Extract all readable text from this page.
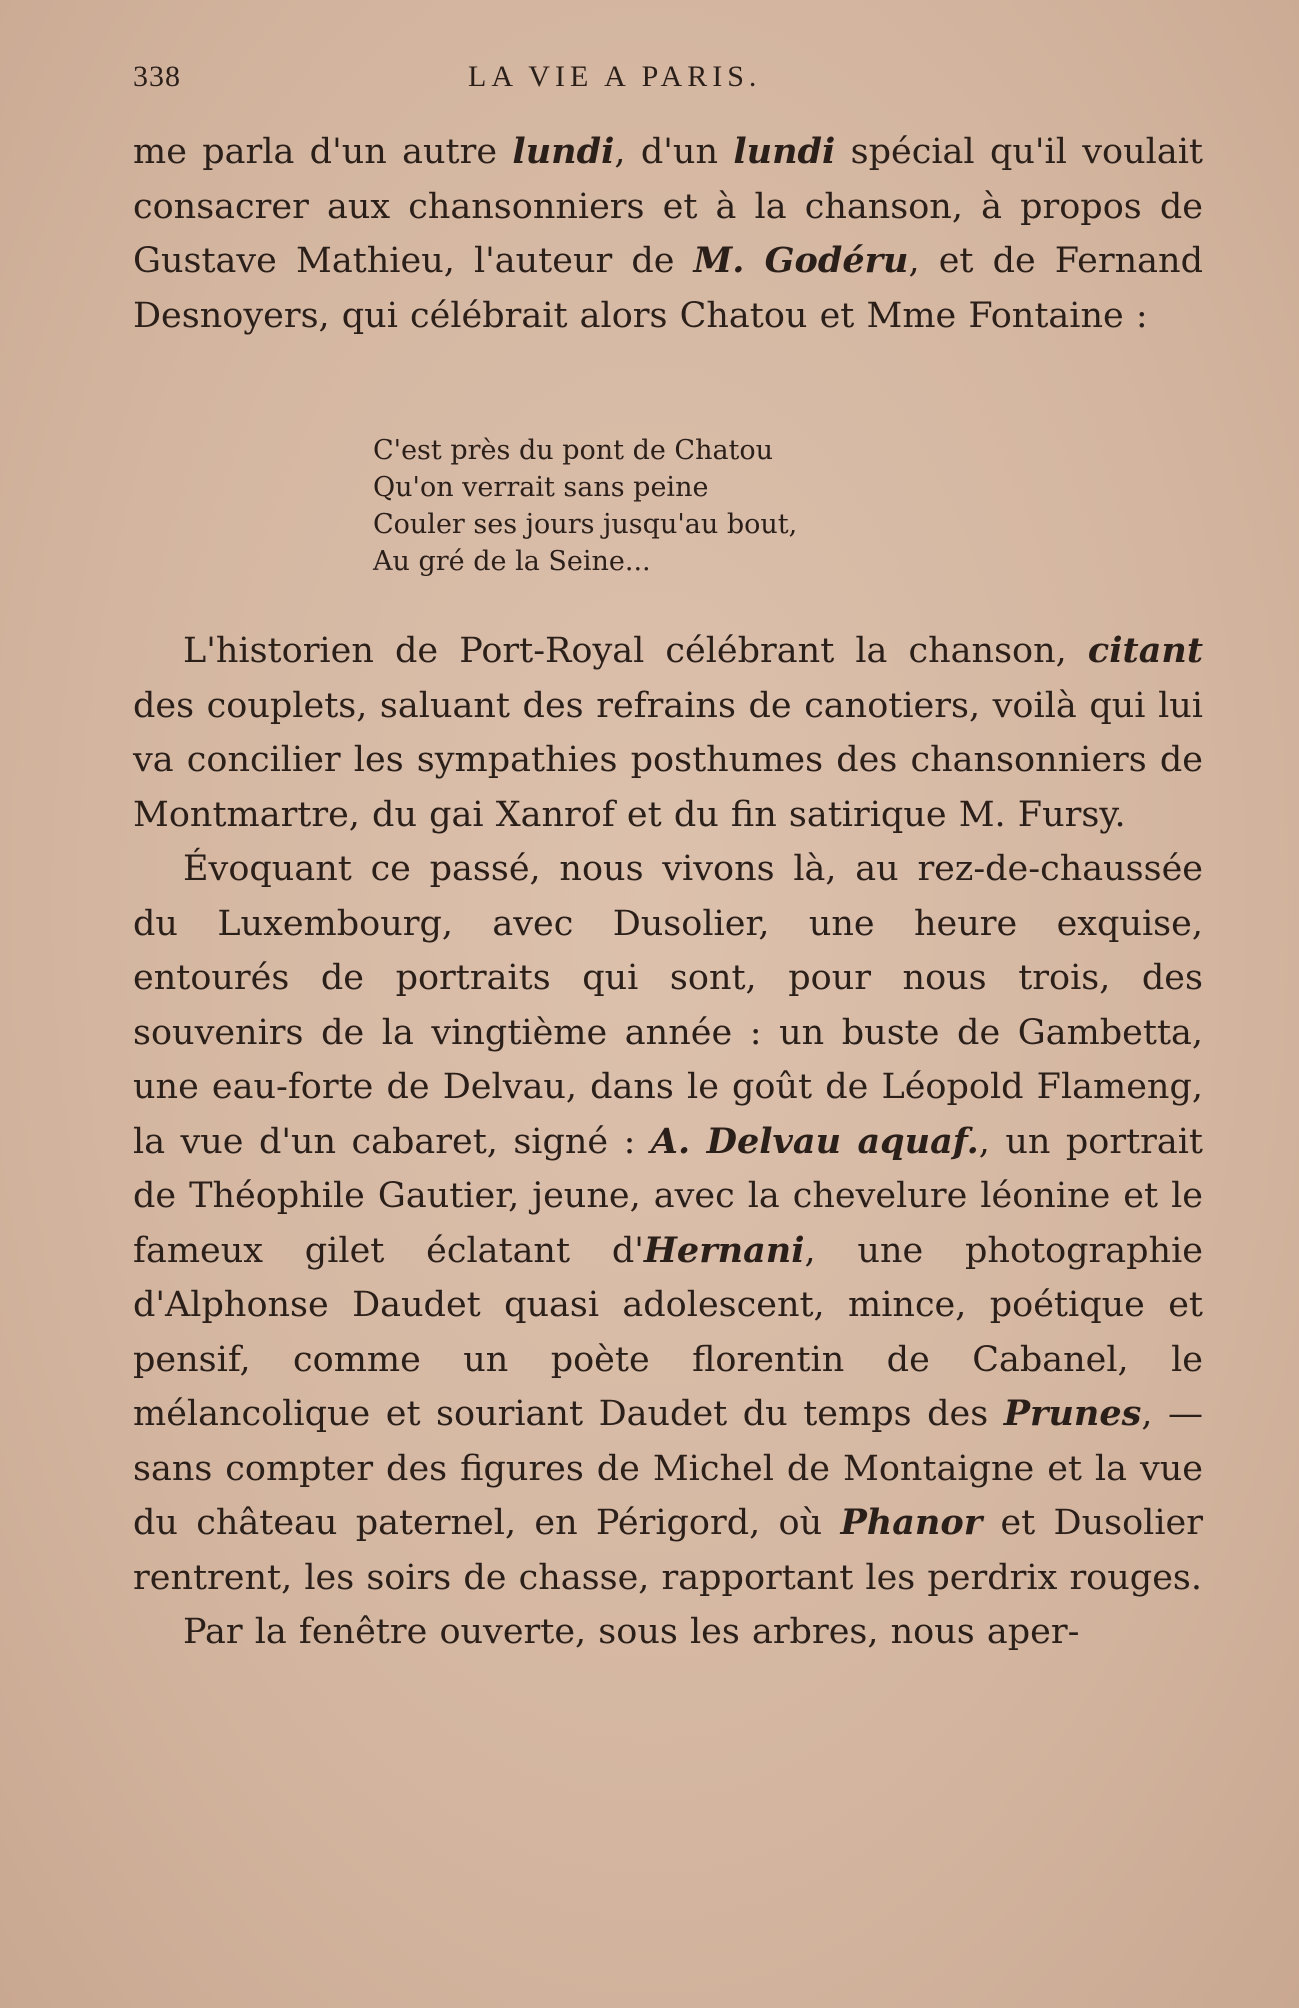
338	LA VIE A PARIS.

me parla d'un autre lundi, d'un lundi spécial qu'il voulait consacrer aux chansonniers et à la chanson, à propos de Gustave Mathieu, l'auteur de M. Godéru, et de Fernand Desnoyers, qui célébrait alors Chatou et Mme Fontaine :

C'est près du pont de Chatou
Qu'on verrait sans peine
Couler ses jours jusqu'au bout,
Au gré de la Seine...

L'historien de Port-Royal célébrant la chanson, citant des couplets, saluant des refrains de canotiers, voilà qui lui va concilier les sympathies posthumes des chansonniers de Montmartre, du gai Xanrof et du fin satirique M. Fursy.

Évoquant ce passé, nous vivons là, au rez-de-chaussée du Luxembourg, avec Dusolier, une heure exquise, entourés de portraits qui sont, pour nous trois, des souvenirs de la vingtième année : un buste de Gambetta, une eau-forte de Delvau, dans le goût de Léopold Flameng, la vue d'un cabaret, signé : A. Delvau aquaf., un portrait de Théophile Gautier, jeune, avec la chevelure léonine et le fameux gilet éclatant d'Hernani, une photographie d'Alphonse Daudet quasi adolescent, mince, poétique et pensif, comme un poète florentin de Cabanel, le mélancolique et souriant Daudet du temps des Prunes, — sans compter des figures de Michel de Montaigne et la vue du château paternel, en Périgord, où Phanor et Dusolier rentrent, les soirs de chasse, rapportant les perdrix rouges.

Par la fenêtre ouverte, sous les arbres, nous aper-
